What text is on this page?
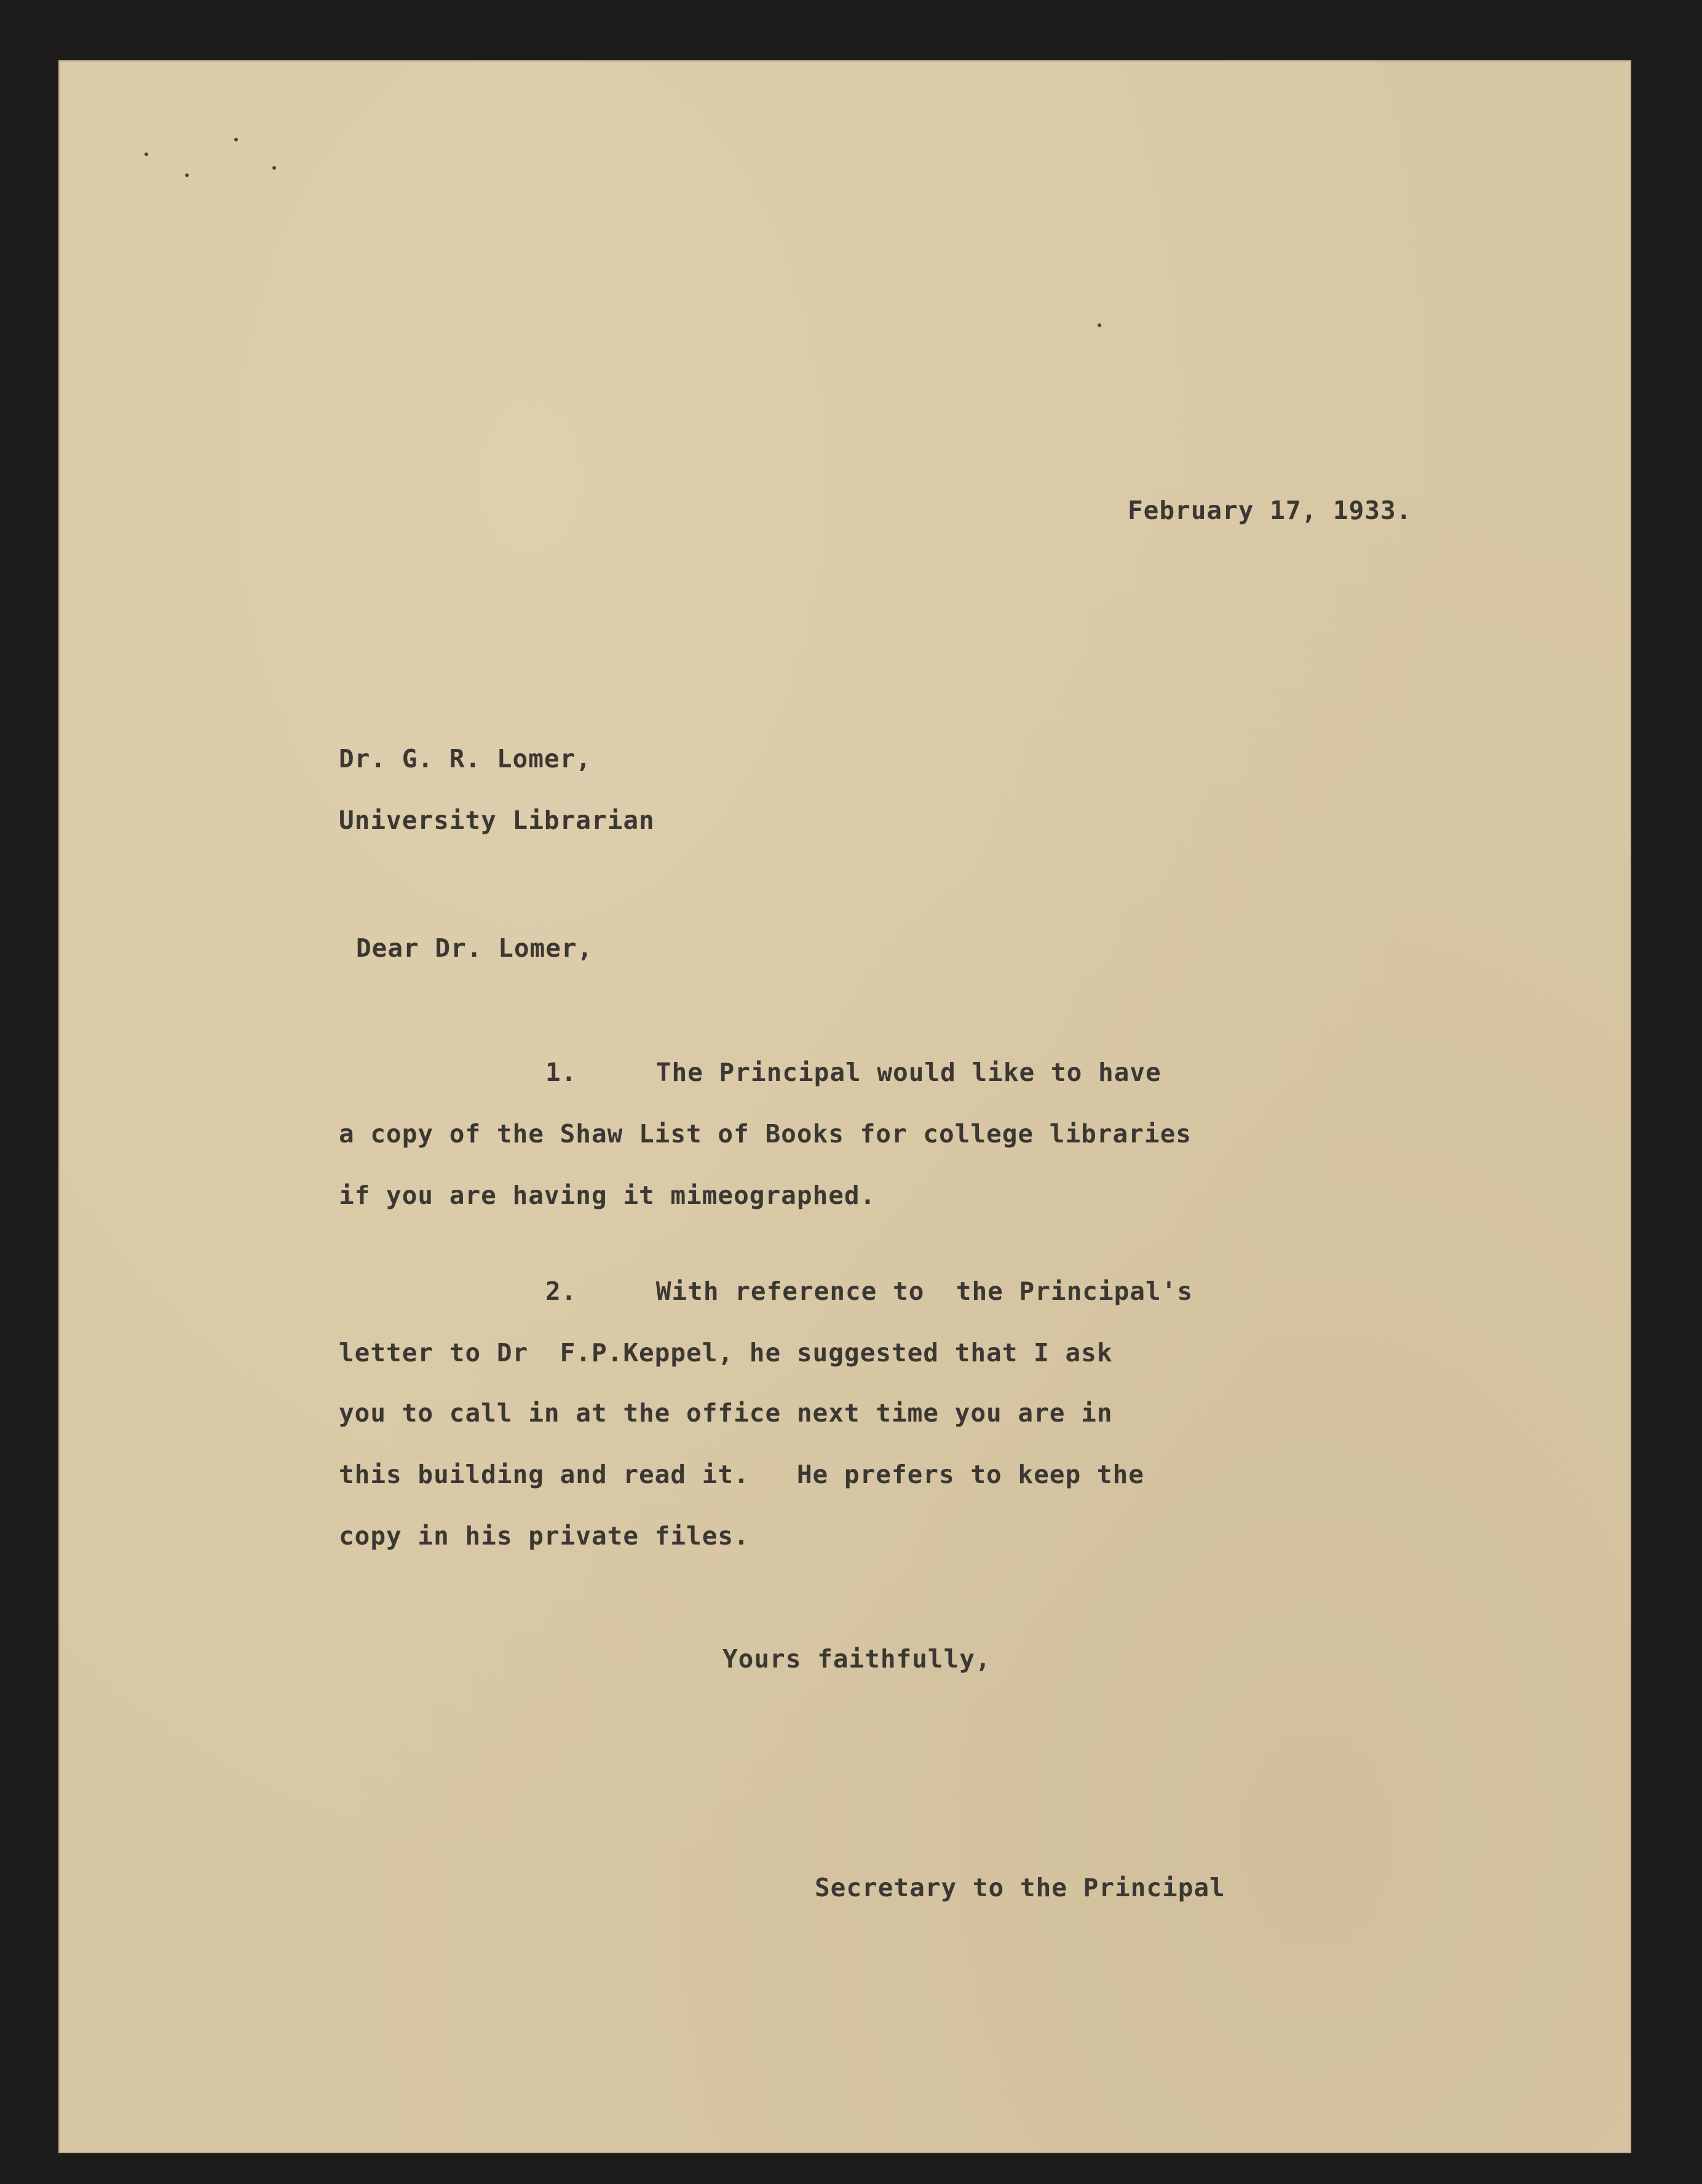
February 17, 1933.
Dr. G. R. Lomer,
University Librarian
Dear Dr. Lomer,
1.     The Principal would like to have
a copy of the Shaw List of Books for college libraries
if you are having it mimeographed.
2.     With reference to  the Principal's
letter to Dr  F.P.Keppel, he suggested that I ask
you to call in at the office next time you are in
this building and read it.   He prefers to keep the
copy in his private files.
Yours faithfully,
Secretary to the Principal
